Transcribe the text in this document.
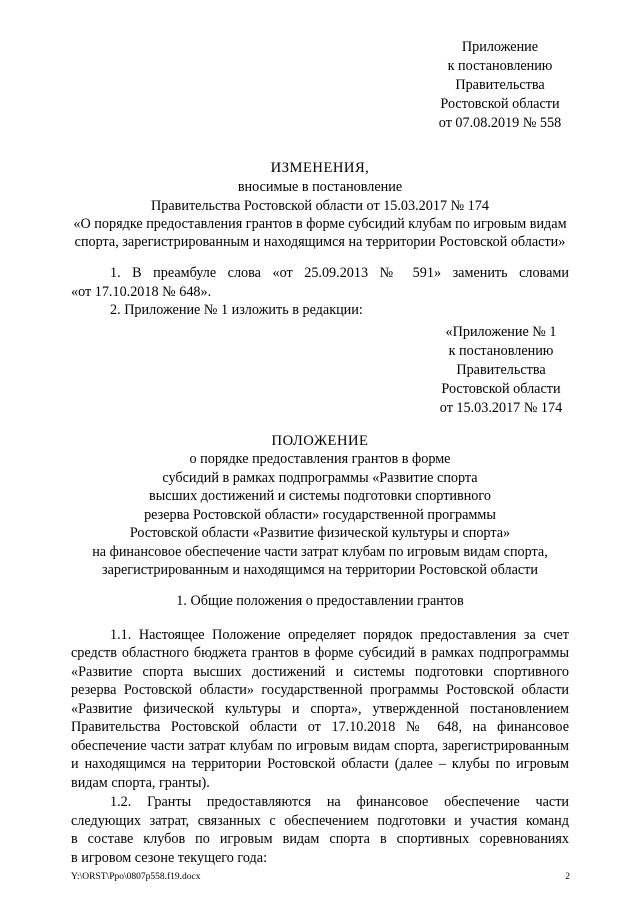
Приложение

к постановлению

Правительства

Ростовской области

от 07.08.2019 № 558

ИЗМЕНЕНИЯ,

вносимые в постановление

Правительства Ростовской области от 15.03.2017 № 174

«О порядке предоставления грантов в форме субсидий клубам по игровым видам

спорта, зарегистрированным и находящимся на территории Ростовской области»

1. В преамбуле слова «от 25.09.2013 № 591» заменить словами

«от 17.10.2018 № 648».

2. Приложение № 1 изложить в редакции:

«Приложение № 1

к постановлению

Правительства

Ростовской области

от 15.03.2017 № 174

ПОЛОЖЕНИЕ

о порядке предоставления грантов в форме

субсидий в рамках подпрограммы «Развитие спорта

высших достижений и системы подготовки спортивного

резерва Ростовской области» государственной программы

Ростовской области «Развитие физической культуры и спорта»

на финансовое обеспечение части затрат клубам по игровым видам спорта,

зарегистрированным и находящимся на территории Ростовской области

1. Общие положения о предоставлении грантов

1.1. Настоящее Положение определяет порядок предоставления за счет

средств областного бюджета грантов в форме субсидий в рамках подпрограммы

«Развитие спорта высших достижений и системы подготовки спортивного

резерва Ростовской области» государственной программы Ростовской области

«Развитие физической культуры и спорта», утвержденной постановлением

Правительства Ростовской области от 17.10.2018 № 648, на финансовое

обеспечение части затрат клубам по игровым видам спорта, зарегистрированным

и находящимся на территории Ростовской области (далее – клубы по игровым

видам спорта, гранты).

1.2. Гранты предоставляются на финансовое обеспечение части

следующих затрат, связанных с обеспечением подготовки и участия команд

в составе клубов по игровым видам спорта в спортивных соревнованиях

в игровом сезоне текущего года:

Y:\ORST\Ppo\0807p558.f19.docx	2
